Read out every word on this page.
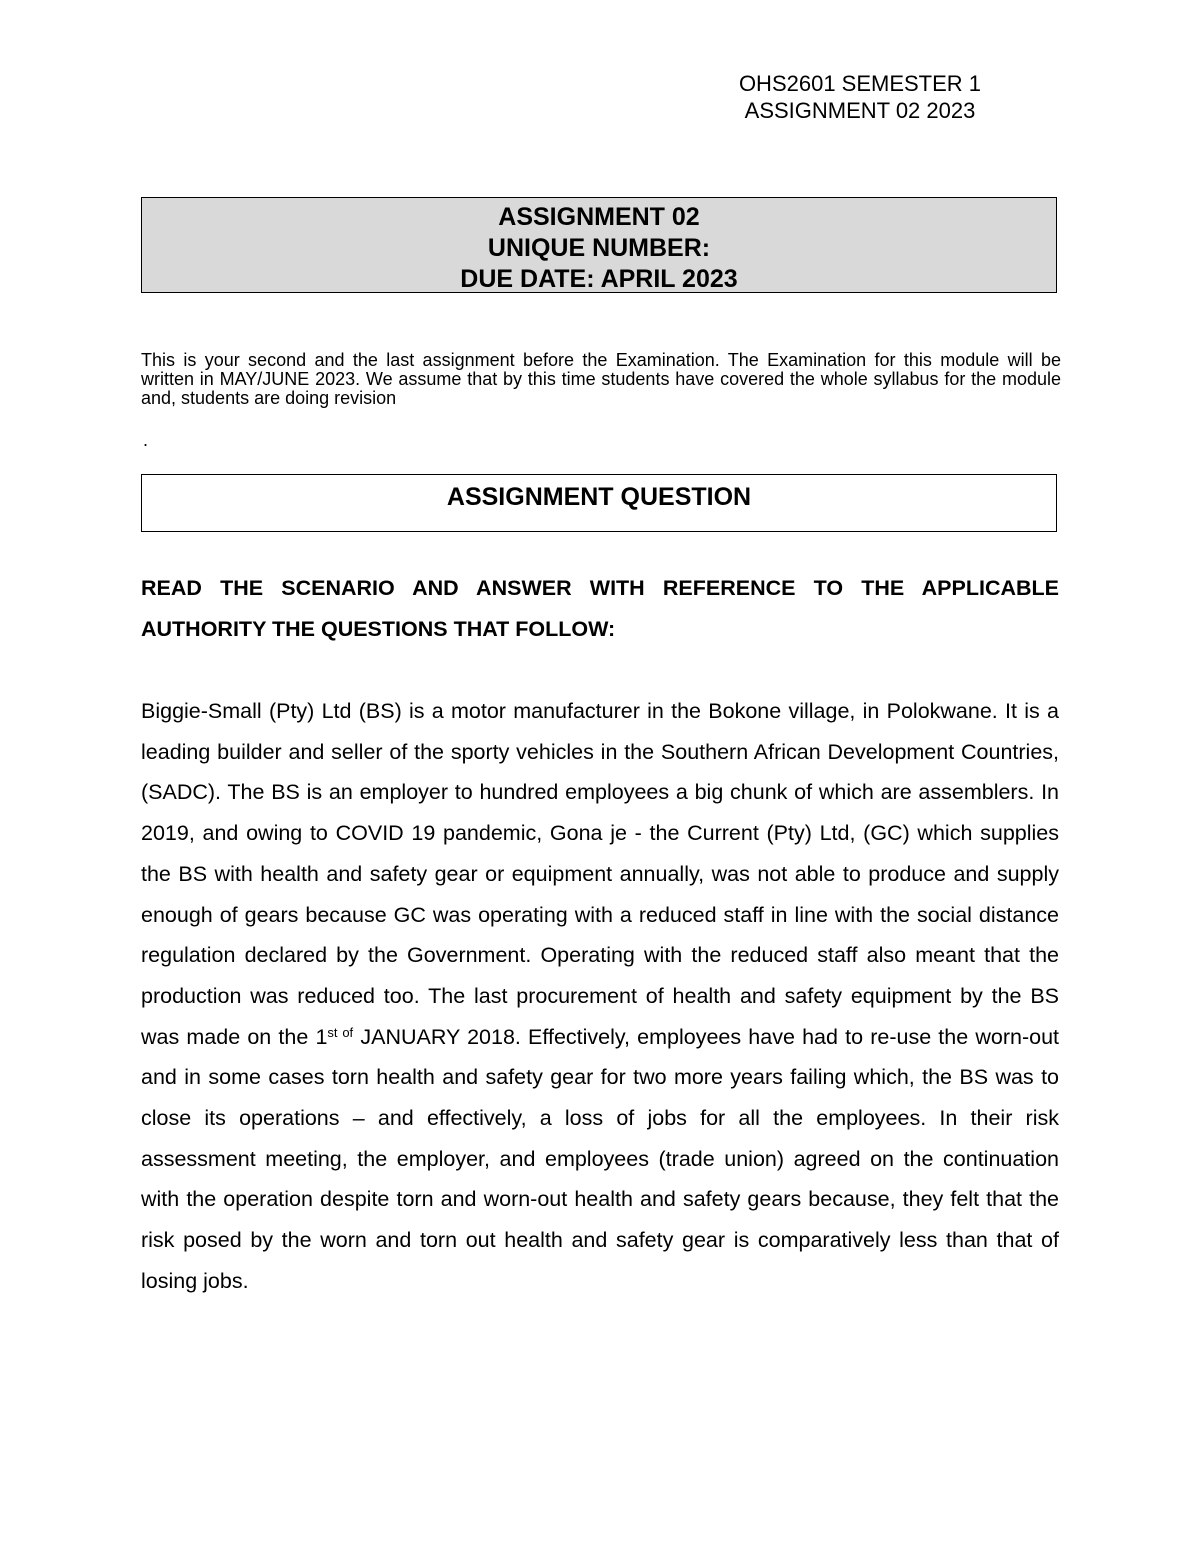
OHS2601 SEMESTER 1
ASSIGNMENT 02 2023
ASSIGNMENT 02
UNIQUE NUMBER:
DUE DATE: APRIL 2023
This is your second and the last assignment before the Examination. The Examination for this module will be written in MAY/JUNE 2023. We assume that by this time students have covered the whole syllabus for the module and, students are doing revision
.
ASSIGNMENT QUESTION
READ THE SCENARIO AND ANSWER WITH REFERENCE TO THE APPLICABLE AUTHORITY THE QUESTIONS THAT FOLLOW:
Biggie-Small (Pty) Ltd (BS) is a motor manufacturer in the Bokone village, in Polokwane. It is a leading builder and seller of the sporty vehicles in the Southern African Development Countries, (SADC). The BS is an employer to hundred employees a big chunk of which are assemblers. In 2019, and owing to COVID 19 pandemic, Gona je - the Current (Pty) Ltd, (GC) which supplies the BS with health and safety gear or equipment annually, was not able to produce and supply enough of gears because GC was operating with a reduced staff in line with the social distance regulation declared by the Government. Operating with the reduced staff also meant that the production was reduced too. The last procurement of health and safety equipment by the BS was made on the $1^{st of}$ JANUARY 2018. Effectively, employees have had to re-use the worn-out and in some cases torn health and safety gear for two more years failing which, the BS was to close its operations – and effectively, a loss of jobs for all the employees. In their risk assessment meeting, the employer, and employees (trade union) agreed on the continuation with the operation despite torn and worn-out health and safety gears because, they felt that the risk posed by the worn and torn out health and safety gear is comparatively less than that of losing jobs.
